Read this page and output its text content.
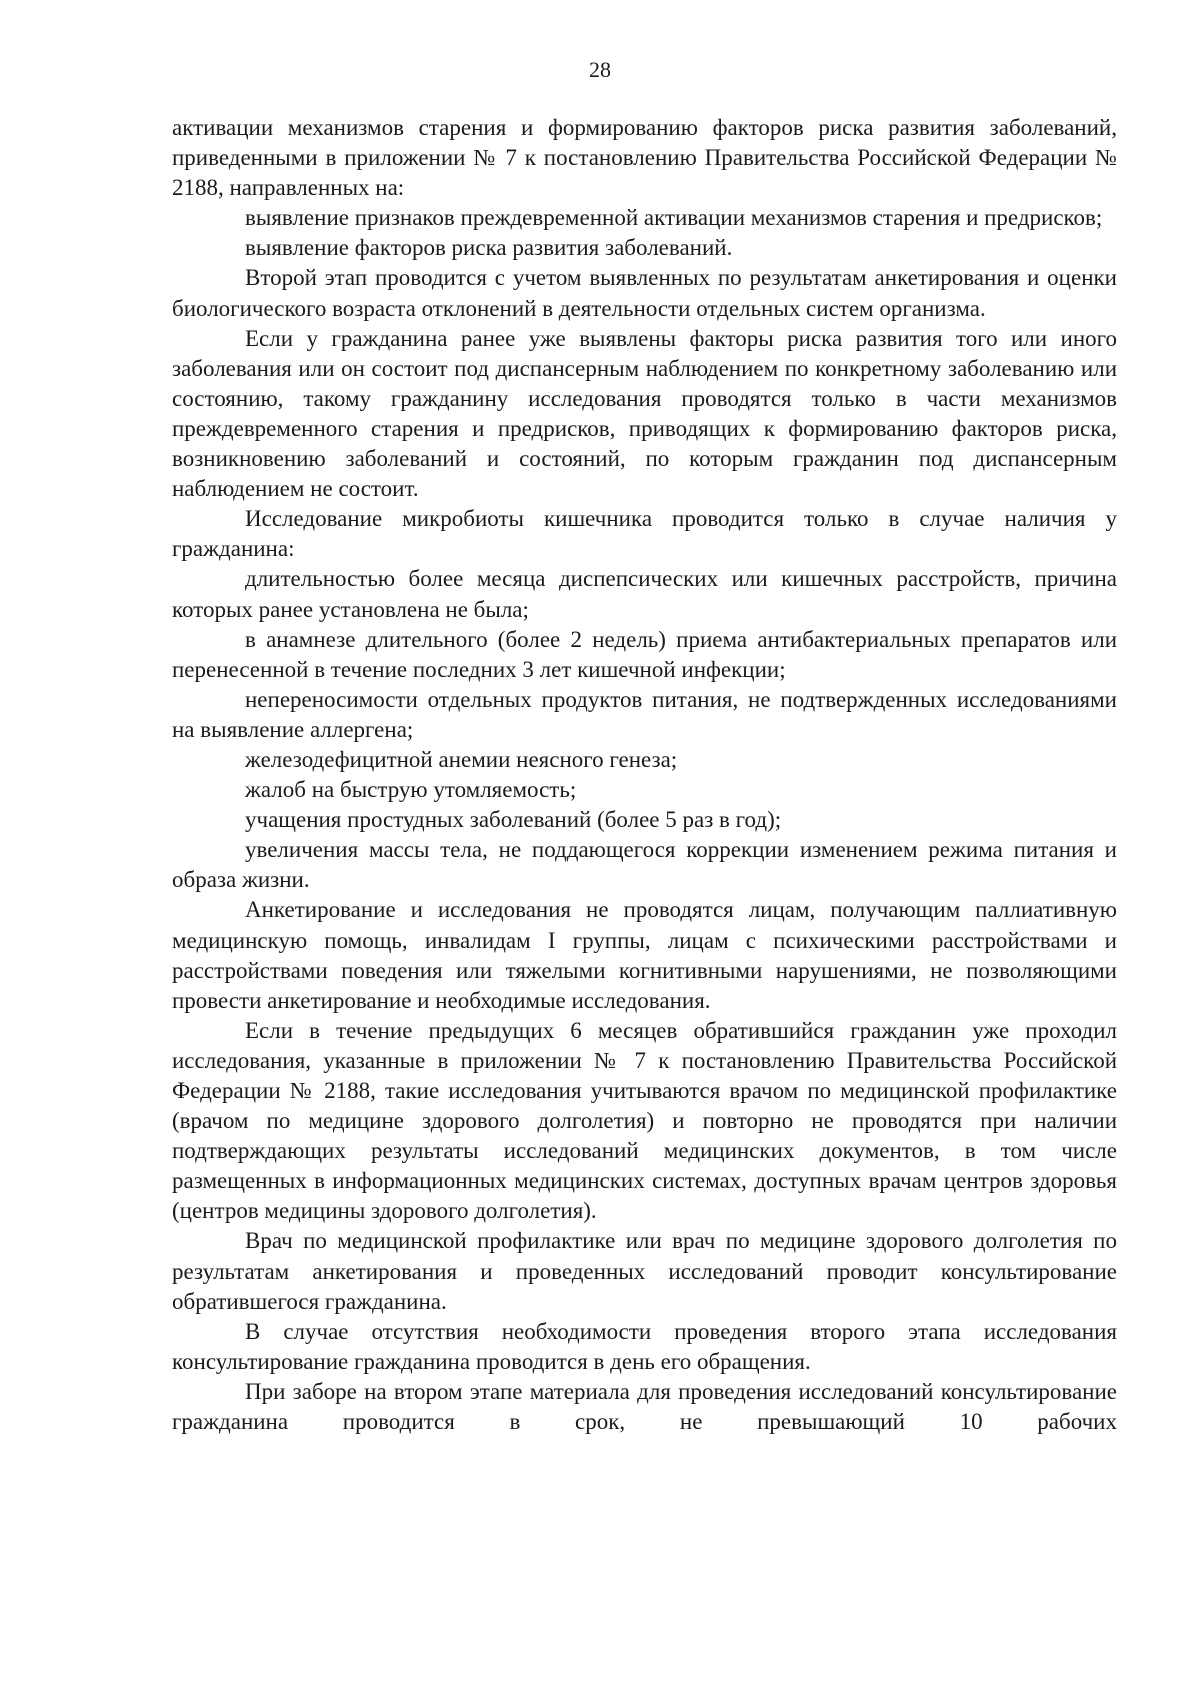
28

активации механизмов старения и формированию факторов риска развития заболеваний, приведенными в приложении № 7 к постановлению Правительства Российской Федерации № 2188, направленных на:

выявление признаков преждевременной активации механизмов старения и предрисков;

выявление факторов риска развития заболеваний.

Второй этап проводится с учетом выявленных по результатам анкетирования и оценки биологического возраста отклонений в деятельности отдельных систем организма.

Если у гражданина ранее уже выявлены факторы риска развития того или иного заболевания или он состоит под диспансерным наблюдением по конкретному заболеванию или состоянию, такому гражданину исследования проводятся только в части механизмов преждевременного старения и предрисков, приводящих к формированию факторов риска, возникновению заболеваний и состояний, по которым гражданин под диспансерным наблюдением не состоит.

Исследование микробиоты кишечника проводится только в случае наличия у гражданина:

длительностью более месяца диспепсических или кишечных расстройств, причина которых ранее установлена не была;

в анамнезе длительного (более 2 недель) приема антибактериальных препаратов или перенесенной в течение последних 3 лет кишечной инфекции;

непереносимости отдельных продуктов питания, не подтвержденных исследованиями на выявление аллергена;

железодефицитной анемии неясного генеза;

жалоб на быструю утомляемость;

учащения простудных заболеваний (более 5 раз в год);

увеличения массы тела, не поддающегося коррекции изменением режима питания и образа жизни.

Анкетирование и исследования не проводятся лицам, получающим паллиативную медицинскую помощь, инвалидам I группы, лицам с психическими расстройствами и расстройствами поведения или тяжелыми когнитивными нарушениями, не позволяющими провести анкетирование и необходимые исследования.

Если в течение предыдущих 6 месяцев обратившийся гражданин уже проходил исследования, указанные в приложении № 7 к постановлению Правительства Российской Федерации № 2188, такие исследования учитываются врачом по медицинской профилактике (врачом по медицине здорового долголетия) и повторно не проводятся при наличии подтверждающих результаты исследований медицинских документов, в том числе размещенных в информационных медицинских системах, доступных врачам центров здоровья (центров медицины здорового долголетия).

Врач по медицинской профилактике или врач по медицине здорового долголетия по результатам анкетирования и проведенных исследований проводит консультирование обратившегося гражданина.

В случае отсутствия необходимости проведения второго этапа исследования консультирование гражданина проводится в день его обращения.

При заборе на втором этапе материала для проведения исследований консультирование гражданина проводится в срок, не превышающий 10 рабочих
